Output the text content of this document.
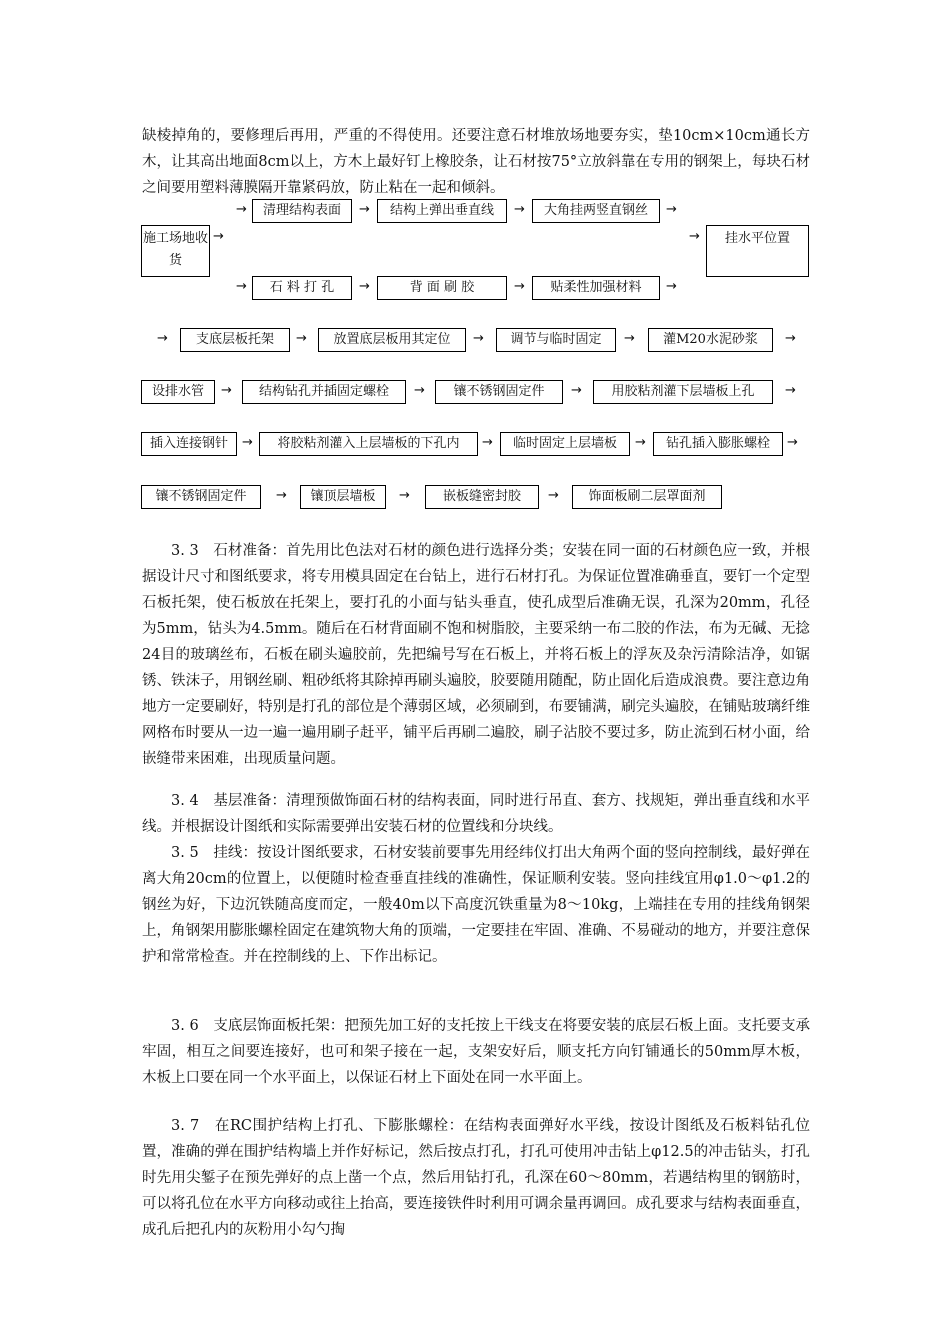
缺棱掉角的，要修理后再用，严重的不得使用。还要注意石材堆放场地要夯实，垫10cm×10cm通长方木，让其高出地面8cm以上，方木上最好钉上橡胶条，让石材按75°立放斜靠在专用的钢架上，每块石材之间要用塑料薄膜隔开靠紧码放，防止粘在一起和倾斜。
施工场地收货
→
→	清理结构表面	→	结构上弹出垂直线	→	大角挂两竖直钢丝	→
→	挂水平位置
→	石 料 打 孔	→	背 面 刷 胶	→	贴柔性加强材料	→
→	支底层板托架	→	放置底层板用其定位	→	调节与临时固定	→	灌M20水泥砂浆	→
设排水管	→	结构钻孔并插固定螺栓	→	镶不锈钢固定件	→	用胶粘剂灌下层墙板上孔	→
插入连接钢针	→	将胶粘剂灌入上层墙板的下孔内	→	临时固定上层墙板	→	钻孔插入膨胀螺栓	→
镶不锈钢固定件	→	镶顶层墙板	→	嵌板缝密封胶	→	饰面板刷二层罩面剂
3. 3　石材准备：首先用比色法对石材的颜色进行选择分类；安装在同一面的石材颜色应一致，并根据设计尺寸和图纸要求，将专用模具固定在台钻上，进行石材打孔。为保证位置准确垂直，要钉一个定型石板托架，使石板放在托架上，要打孔的小面与钻头垂直，使孔成型后准确无误，孔深为20mm，孔径为5mm，钻头为4.5mm。随后在石材背面刷不饱和树脂胶，主要采纳一布二胶的作法，布为无碱、无捻24目的玻璃丝布，石板在刷头遍胶前，先把编号写在石板上，并将石板上的浮灰及杂污清除洁净，如锯锈、铁沫子，用钢丝刷、粗砂纸将其除掉再刷头遍胶，胶要随用随配，防止固化后造成浪费。要注意边角地方一定要刷好，特别是打孔的部位是个薄弱区域，必须刷到，布要铺满，刷完头遍胶，在铺贴玻璃纤维网格布时要从一边一遍一遍用刷子赶平，铺平后再刷二遍胶，刷子沾胶不要过多，防止流到石材小面，给嵌缝带来困难，出现质量问题。
3. 4　基层准备：清理预做饰面石材的结构表面，同时进行吊直、套方、找规矩，弹出垂直线和水平线。并根据设计图纸和实际需要弹出安装石材的位置线和分块线。
3. 5　挂线：按设计图纸要求，石材安装前要事先用经纬仪打出大角两个面的竖向控制线，最好弹在离大角20cm的位置上，以便随时检查垂直挂线的准确性，保证顺利安装。竖向挂线宜用φ1.0～φ1.2的钢丝为好，下边沉铁随高度而定，一般40m以下高度沉铁重量为8～10kg，上端挂在专用的挂线角钢架上，角钢架用膨胀螺栓固定在建筑物大角的顶端，一定要挂在牢固、准确、不易碰动的地方，并要注意保护和常常检查。并在控制线的上、下作出标记。
3. 6　支底层饰面板托架：把预先加工好的支托按上干线支在将要安装的底层石板上面。支托要支承牢固，相互之间要连接好，也可和架子接在一起，支架安好后，顺支托方向钉铺通长的50mm厚木板，木板上口要在同一个水平面上，以保证石材上下面处在同一水平面上。
3. 7　在RC围护结构上打孔、下膨胀螺栓：在结构表面弹好水平线，按设计图纸及石板料钻孔位置，准确的弹在围护结构墙上并作好标记，然后按点打孔，打孔可使用冲击钻上φ12.5的冲击钻头，打孔时先用尖錾子在预先弹好的点上凿一个点，然后用钻打孔，孔深在60～80mm，若遇结构里的钢筋时，可以将孔位在水平方向移动或往上抬高，要连接铁件时利用可调余量再调回。成孔要求与结构表面垂直，成孔后把孔内的灰粉用小勾勺掏
